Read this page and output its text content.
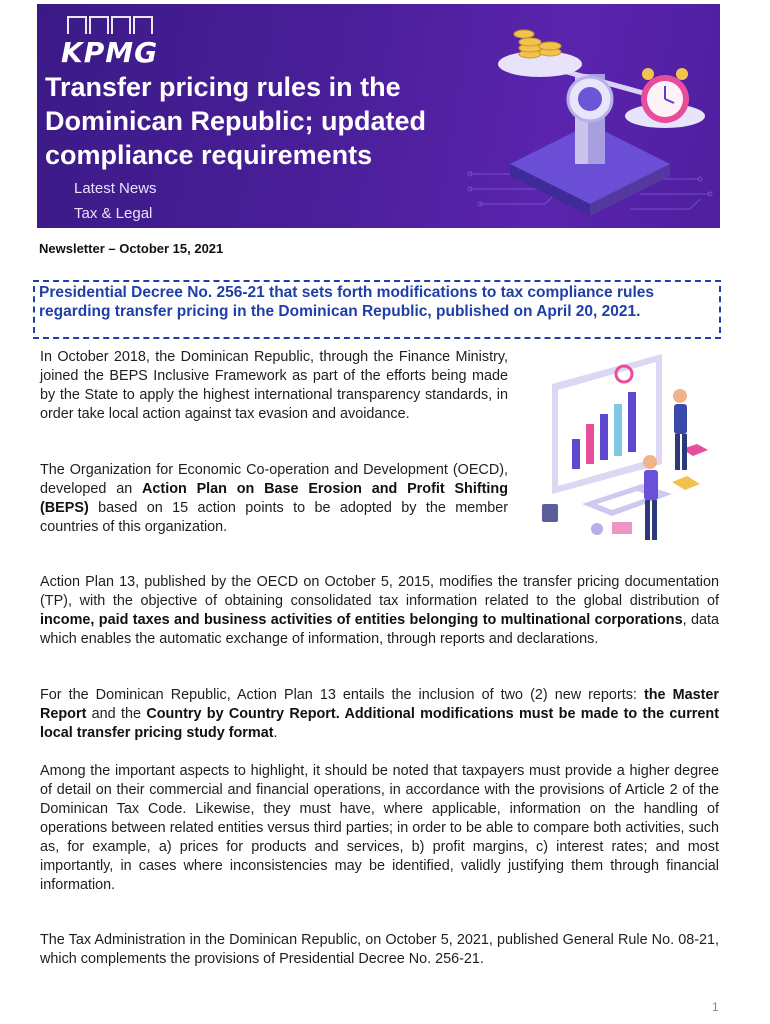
KPMG
Transfer pricing rules in the
Dominican Republic; updated
compliance requirements
Latest News
Tax & Legal
Newsletter – October 15, 2021
Presidential Decree No. 256-21 that sets forth modifications to tax compliance rules regarding transfer pricing in the Dominican Republic, published on April 20, 2021.

In October 2018, the Dominican Republic, through the Finance Ministry, joined the BEPS Inclusive Framework as part of the efforts being made by the State to apply the highest international transparency standards, in order take local action against tax evasion and avoidance.

The Organization for Economic Co-operation and Development (OECD), developed an Action Plan on Base Erosion and Profit Shifting (BEPS) based on 15 action points to be adopted by the member countries of this organization.

Action Plan 13, published by the OECD on October 5, 2015, modifies the transfer pricing documentation (TP), with the objective of obtaining consolidated tax information related to the global distribution of income, paid taxes and business activities of entities belonging to multinational corporations, data which enables the automatic exchange of information, through reports and declarations.

For the Dominican Republic, Action Plan 13 entails the inclusion of two (2) new reports: the Master Report and the Country by Country Report. Additional modifications must be made to the current local transfer pricing study format.

Among the important aspects to highlight, it should be noted that taxpayers must provide a higher degree of detail on their commercial and financial operations, in accordance with the provisions of Article 2 of the Dominican Tax Code. Likewise, they must have, where applicable, information on the handling of operations between related entities versus third parties; in order to be able to compare both activities, such as, for example, a) prices for products and services, b) profit margins, c) interest rates; and most importantly, in cases where inconsistencies may be identified, validly justifying them through financial information.

The Tax Administration in the Dominican Republic, on October 5, 2021, published General Rule No. 08-21, which complements the provisions of Presidential Decree No. 256-21.

1
